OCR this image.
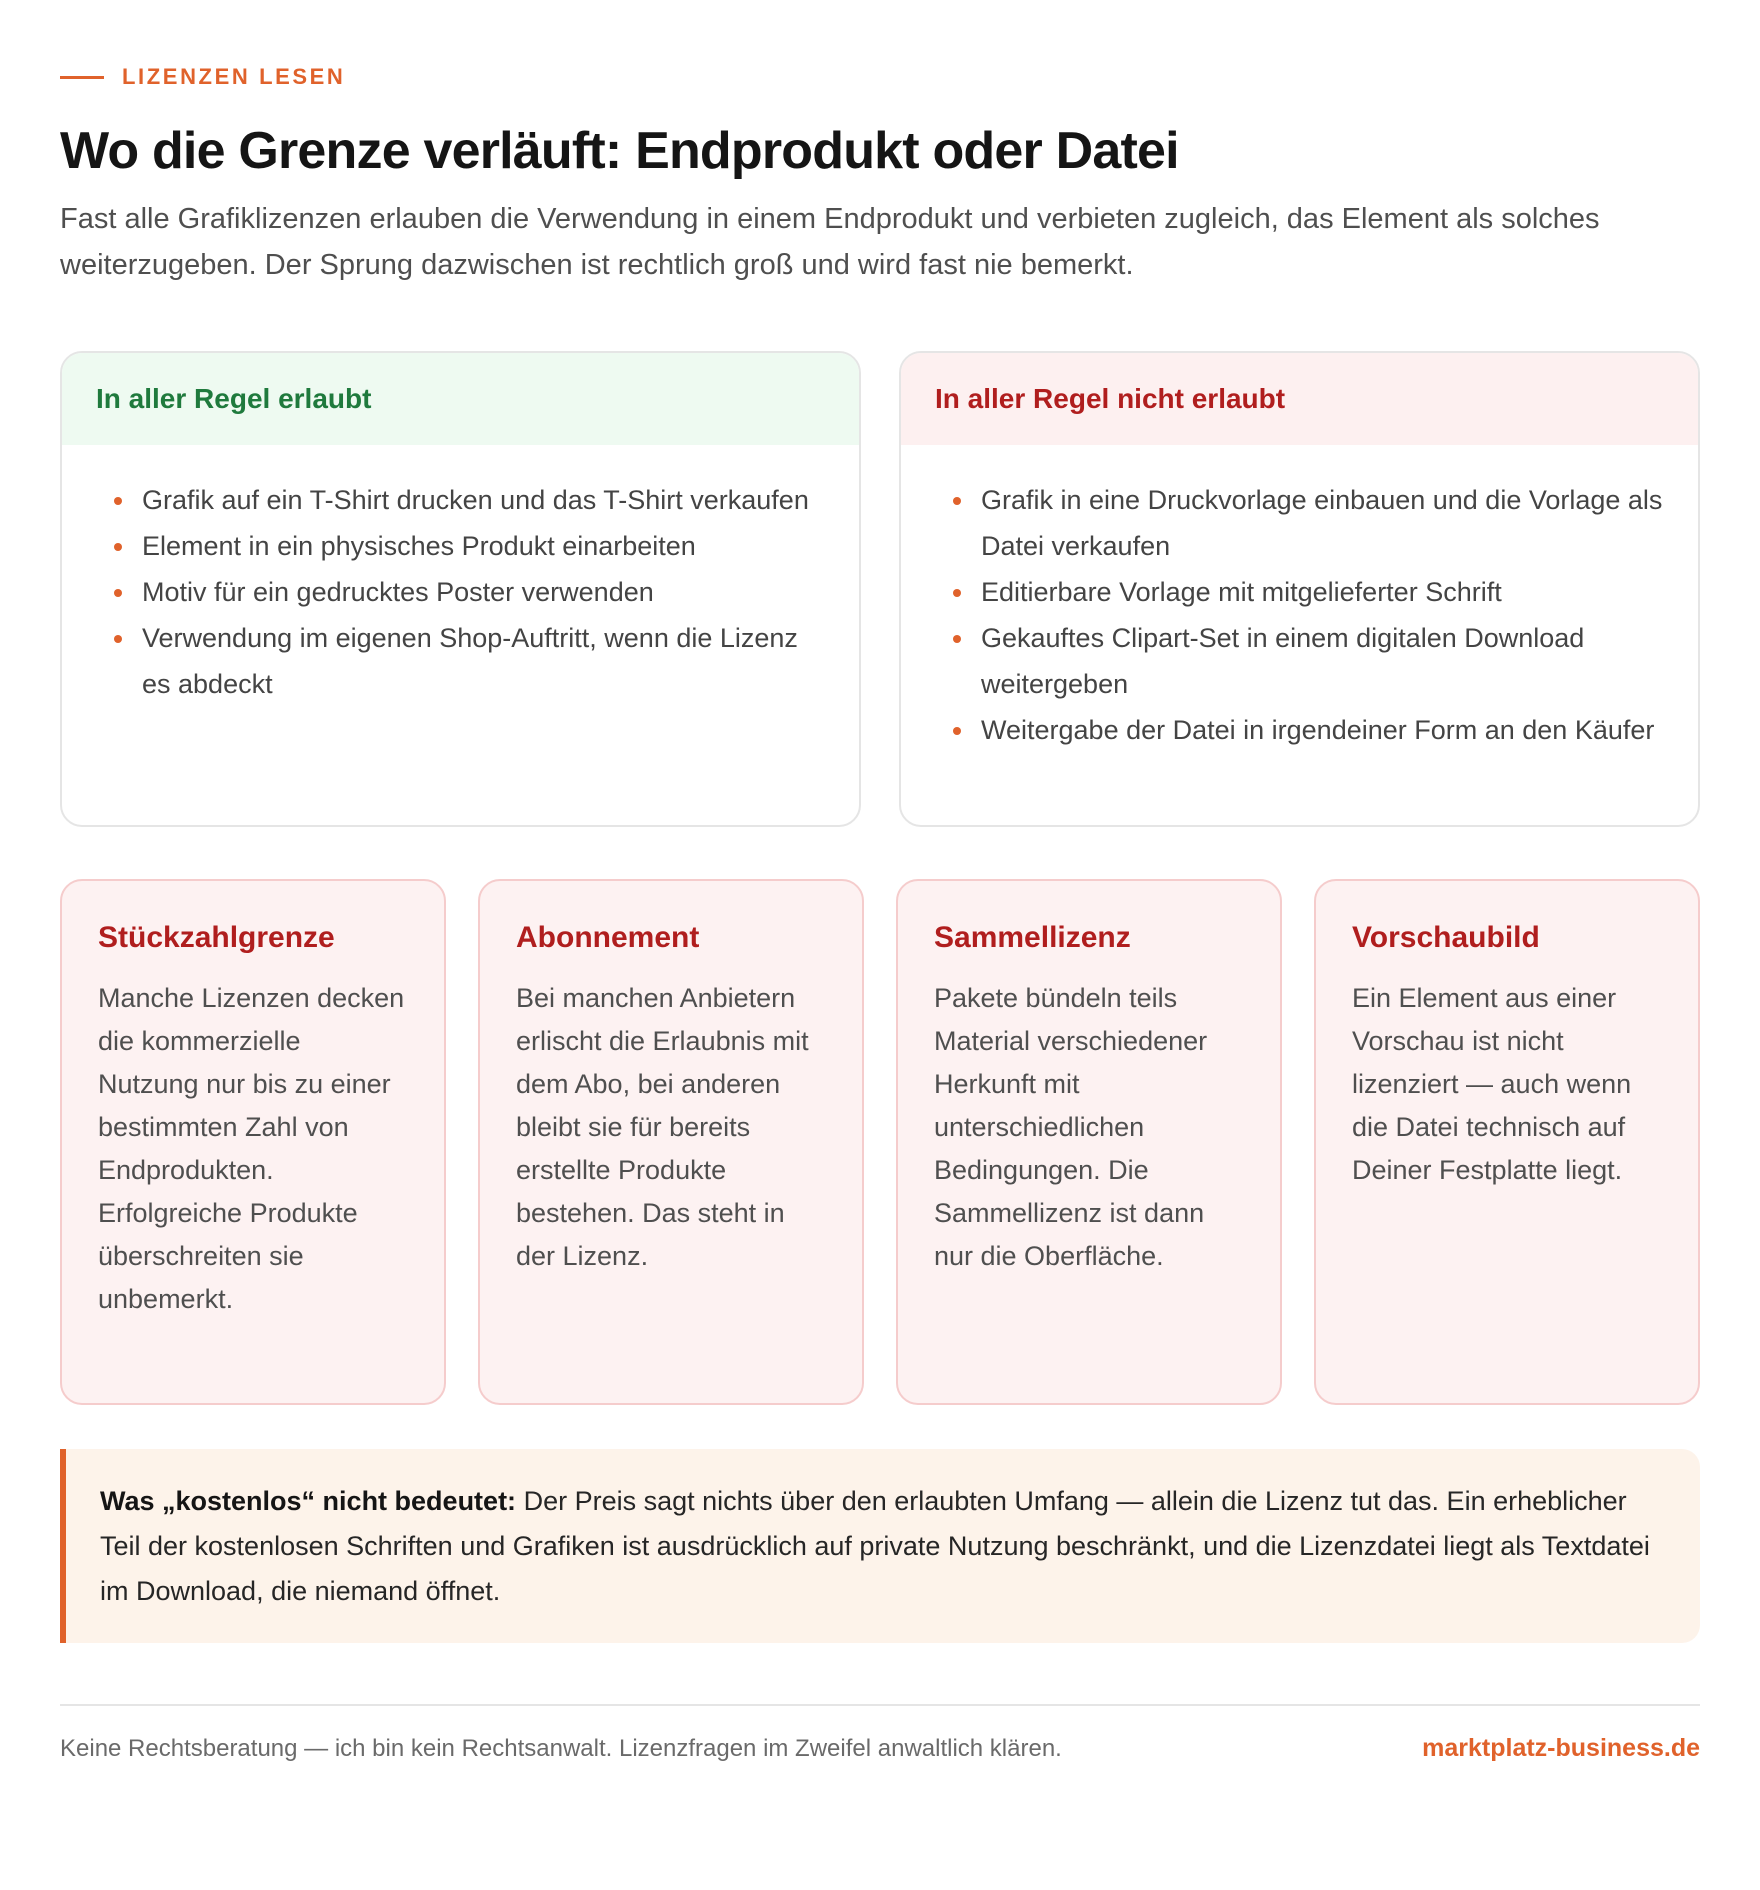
LIZENZEN LESEN
Wo die Grenze verläuft: Endprodukt oder Datei

Fast alle Grafiklizenzen erlauben die Verwendung in einem Endprodukt und verbieten zugleich, das Element als solches weiterzugeben. Der Sprung dazwischen ist rechtlich groß und wird fast nie bemerkt.

In aller Regel erlaubt
Grafik auf ein T-Shirt drucken und das T-Shirt verkaufen
Element in ein physisches Produkt einarbeiten
Motiv für ein gedrucktes Poster verwenden
Verwendung im eigenen Shop-Auftritt, wenn die Lizenz es abdeckt
In aller Regel nicht erlaubt
Grafik in eine Druckvorlage einbauen und die Vorlage als Datei verkaufen
Editierbare Vorlage mit mitgelieferter Schrift
Gekauftes Clipart-Set in einem digitalen Download weitergeben
Weitergabe der Datei in irgendeiner Form an den Käufer
Stückzahlgrenze

Manche Lizenzen decken die kommerzielle Nutzung nur bis zu einer bestimmten Zahl von Endprodukten. Erfolgreiche Produkte überschreiten sie unbemerkt.

Abonnement

Bei manchen Anbietern erlischt die Erlaubnis mit dem Abo, bei anderen bleibt sie für bereits erstellte Produkte bestehen. Das steht in der Lizenz.

Sammellizenz

Pakete bündeln teils Material verschiedener Herkunft mit unterschiedlichen Bedingungen. Die Sammellizenz ist dann nur die Oberfläche.

Vorschaubild

Ein Element aus einer Vorschau ist nicht lizenziert — auch wenn die Datei technisch auf Deiner Festplatte liegt.

Was „kostenlos“ nicht bedeutet: Der Preis sagt nichts über den erlaubten Umfang — allein die Lizenz tut das. Ein erheblicher Teil der kostenlosen Schriften und Grafiken ist ausdrücklich auf private Nutzung beschränkt, und die Lizenzdatei liegt als Textdatei im Download, die niemand öffnet.
Keine Rechtsberatung — ich bin kein Rechtsanwalt. Lizenzfragen im Zweifel anwaltlich klären.	marktplatz-business.de
